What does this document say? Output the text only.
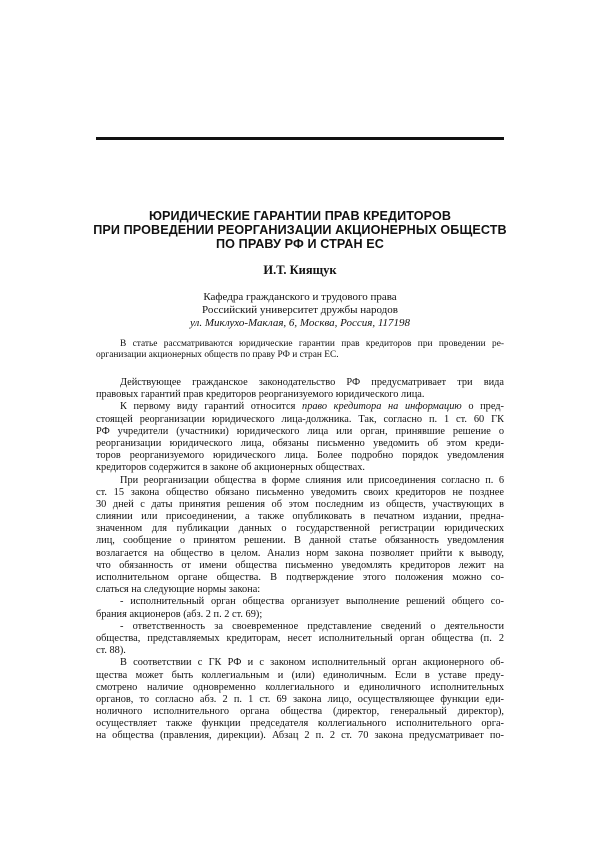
ЮРИДИЧЕСКИЕ ГАРАНТИИ ПРАВ КРЕДИТОРОВ
ПРИ ПРОВЕДЕНИИ РЕОРГАНИЗАЦИИ АКЦИОНЕРНЫХ ОБЩЕСТВ
ПО ПРАВУ РФ И СТРАН ЕС
И.Т. Киящук
Кафедра гражданского и трудового права
Российский университет дружбы народов
ул. Миклухо-Маклая, 6, Москва, Россия, 117198
В статье рассматриваются юридические гарантии прав кредиторов при проведении ре-
организации акционерных обществ по праву РФ и стран ЕС.
Действующее гражданское законодательство РФ предусматривает три вида
правовых гарантий прав кредиторов реорганизуемого юридического лица.
К первому виду гарантий относится право кредитора на информацию о пред-
стоящей реорганизации юридического лица-должника. Так, согласно п. 1 ст. 60 ГК
РФ учредители (участники) юридического лица или орган, принявшие решение о
реорганизации юридического лица, обязаны письменно уведомить об этом креди-
торов реорганизуемого юридического лица. Более подробно порядок уведомления
кредиторов содержится в законе об акционерных обществах.
При реорганизации общества в форме слияния или присоединения согласно п. 6
ст. 15 закона общество обязано письменно уведомить своих кредиторов не позднее
30 дней с даты принятия решения об этом последним из обществ, участвующих в
слиянии или присоединении, а также опубликовать в печатном издании, предна-
значенном для публикации данных о государственной регистрации юридических
лиц, сообщение о принятом решении. В данной статье обязанность уведомления
возлагается на общество в целом. Анализ норм закона позволяет прийти к выводу,
что обязанность от имени общества письменно уведомлять кредиторов лежит на
исполнительном органе общества. В подтверждение этого положения можно со-
слаться на следующие нормы закона:
- исполнительный орган общества организует выполнение решений общего со-
брания акционеров (абз. 2 п. 2 ст. 69);
- ответственность за своевременное представление сведений о деятельности
общества, представляемых кредиторам, несет исполнительный орган общества (п. 2
ст. 88).
В соответствии с ГК РФ и с законом исполнительный орган акционерного об-
щества может быть коллегиальным и (или) единоличным. Если в уставе преду-
смотрено наличие одновременно коллегиального и единоличного исполнительных
органов, то согласно абз. 2 п. 1 ст. 69 закона лицо, осуществляющее функции еди-
ноличного исполнительного органа общества (директор, генеральный директор),
осуществляет также функции председателя коллегиального исполнительного орга-
на общества (правления, дирекции). Абзац 2 п. 2 ст. 70 закона предусматривает по-
